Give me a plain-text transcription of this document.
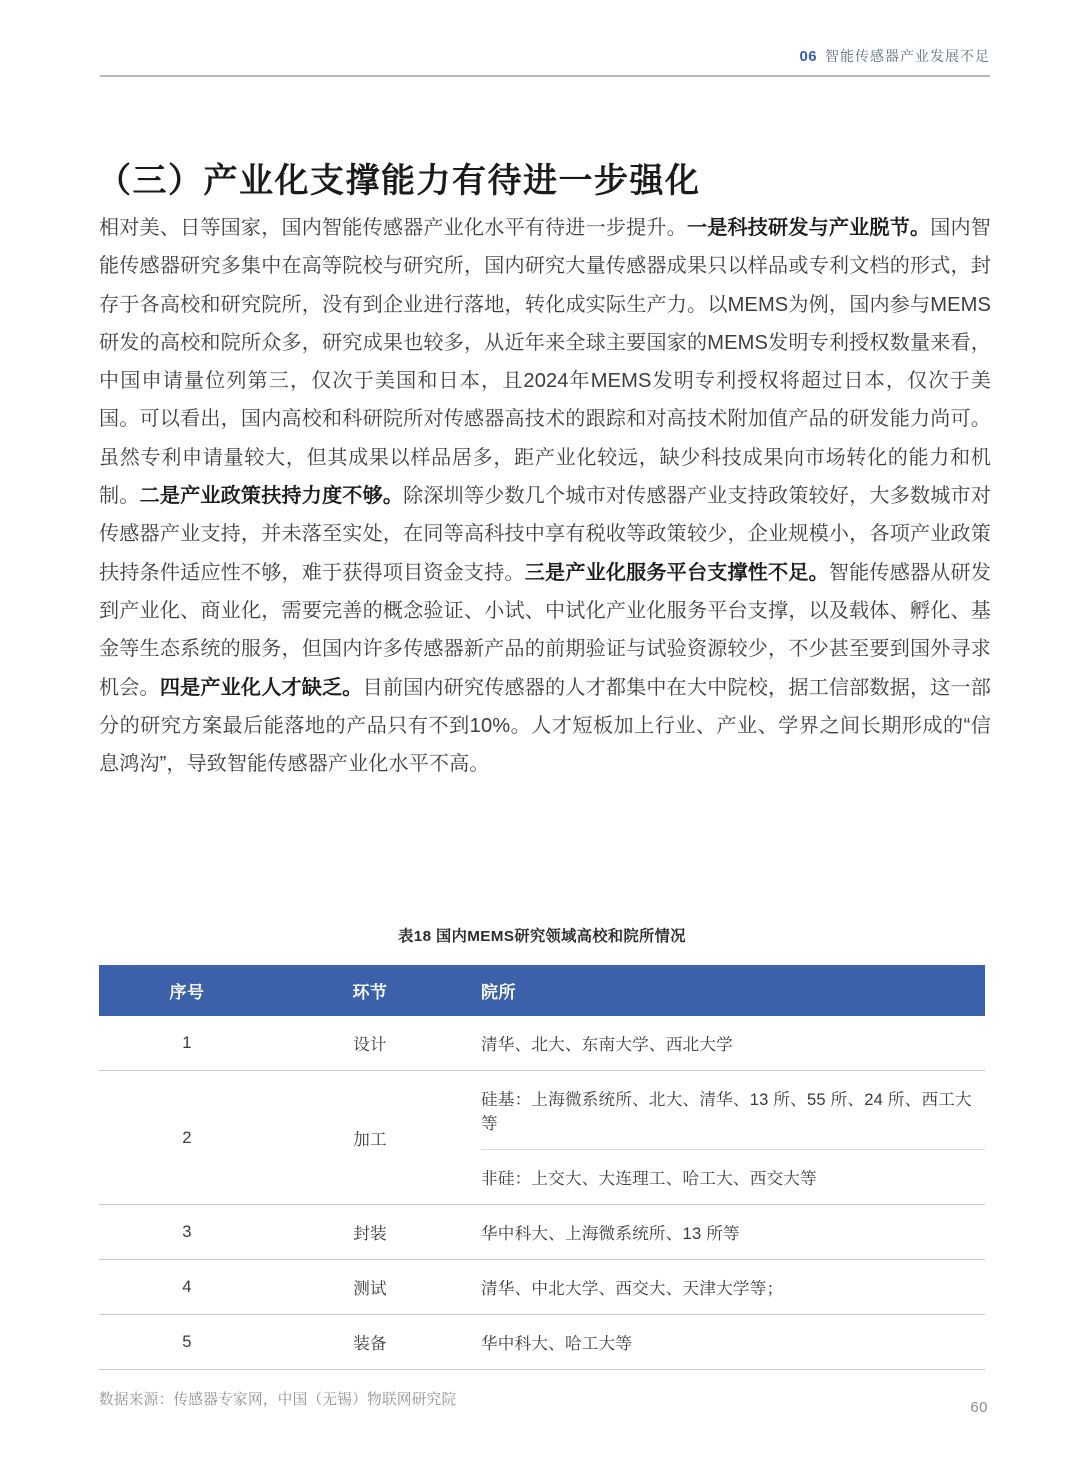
06 智能传感器产业发展不足
（三）产业化支撑能力有待进一步强化
相对美、日等国家，国内智能传感器产业化水平有待进一步提升。一是科技研发与产业脱节。国内智能传感器研究多集中在高等院校与研究所，国内研究大量传感器成果只以样品或专利文档的形式，封存于各高校和研究院所，没有到企业进行落地，转化成实际生产力。以MEMS为例，国内参与MEMS研发的高校和院所众多，研究成果也较多，从近年来全球主要国家的MEMS发明专利授权数量来看，中国申请量位列第三，仅次于美国和日本，且2024年MEMS发明专利授权将超过日本，仅次于美国。可以看出，国内高校和科研院所对传感器高技术的跟踪和对高技术附加值产品的研发能力尚可。虽然专利申请量较大，但其成果以样品居多，距产业化较远，缺少科技成果向市场转化的能力和机制。二是产业政策扶持力度不够。除深圳等少数几个城市对传感器产业支持政策较好，大多数城市对传感器产业支持，并未落至实处，在同等高科技中享有税收等政策较少，企业规模小，各项产业政策扶持条件适应性不够，难于获得项目资金支持。三是产业化服务平台支撑性不足。智能传感器从研发到产业化、商业化，需要完善的概念验证、小试、中试化产业化服务平台支撑，以及载体、孵化、基金等生态系统的服务，但国内许多传感器新产品的前期验证与试验资源较少，不少甚至要到国外寻求机会。四是产业化人才缺乏。目前国内研究传感器的人才都集中在大中院校，据工信部数据，这一部分的研究方案最后能落地的产品只有不到10%。人才短板加上行业、产业、学界之间长期形成的“信息鸿沟”，导致智能传感器产业化水平不高。
表18 国内MEMS研究领域高校和院所情况
序号	环节	院所
1	设计	清华、北大、东南大学、西北大学
2	加工	硅基：上海微系统所、北大、清华、13 所、55 所、24 所、西工大等
非硅：上交大、大连理工、哈工大、西交大等

3	封装	华中科大、上海微系统所、13 所等
4	测试	清华、中北大学、西交大、天津大学等；
5	装备	华中科大、哈工大等
数据来源：传感器专家网，中国（无锡）物联网研究院	60
